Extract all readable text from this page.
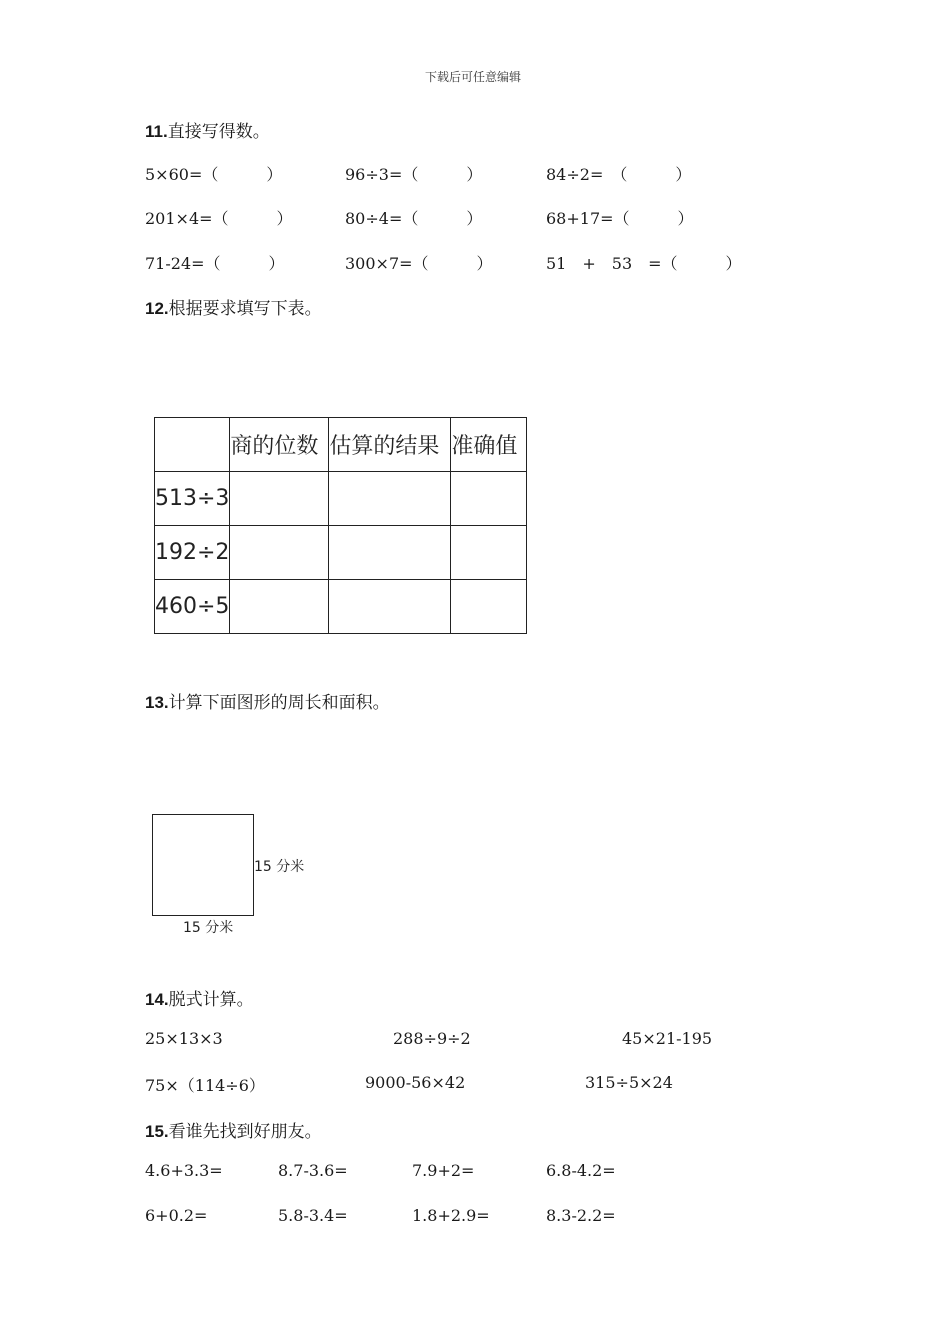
下载后可任意编辑
11.直接写得数。
5×60=（　　　）	96÷3=（　　　）	84÷2=　（　　　）
201×4=（　　　）	80÷4=（　　　）	68+17=（　　　）
71-24=（　　　）	300×7=（　　　）	51　+　53　=（　　　）
12.根据要求填写下表。
	商的位数	估算的结果	准确值
513÷3			
192÷2			
460÷5			
13.计算下面图形的周长和面积。
15 分米
15 分米
14.脱式计算。
25×13×3	288÷9÷2	45×21-195
75×（114÷6）	9000-56×42	315÷5×24
15.看谁先找到好朋友。
4.6+3.3=	8.7-3.6=	7.9+2=	6.8-4.2=
6+0.2=	5.8-3.4=	1.8+2.9=	8.3-2.2=
